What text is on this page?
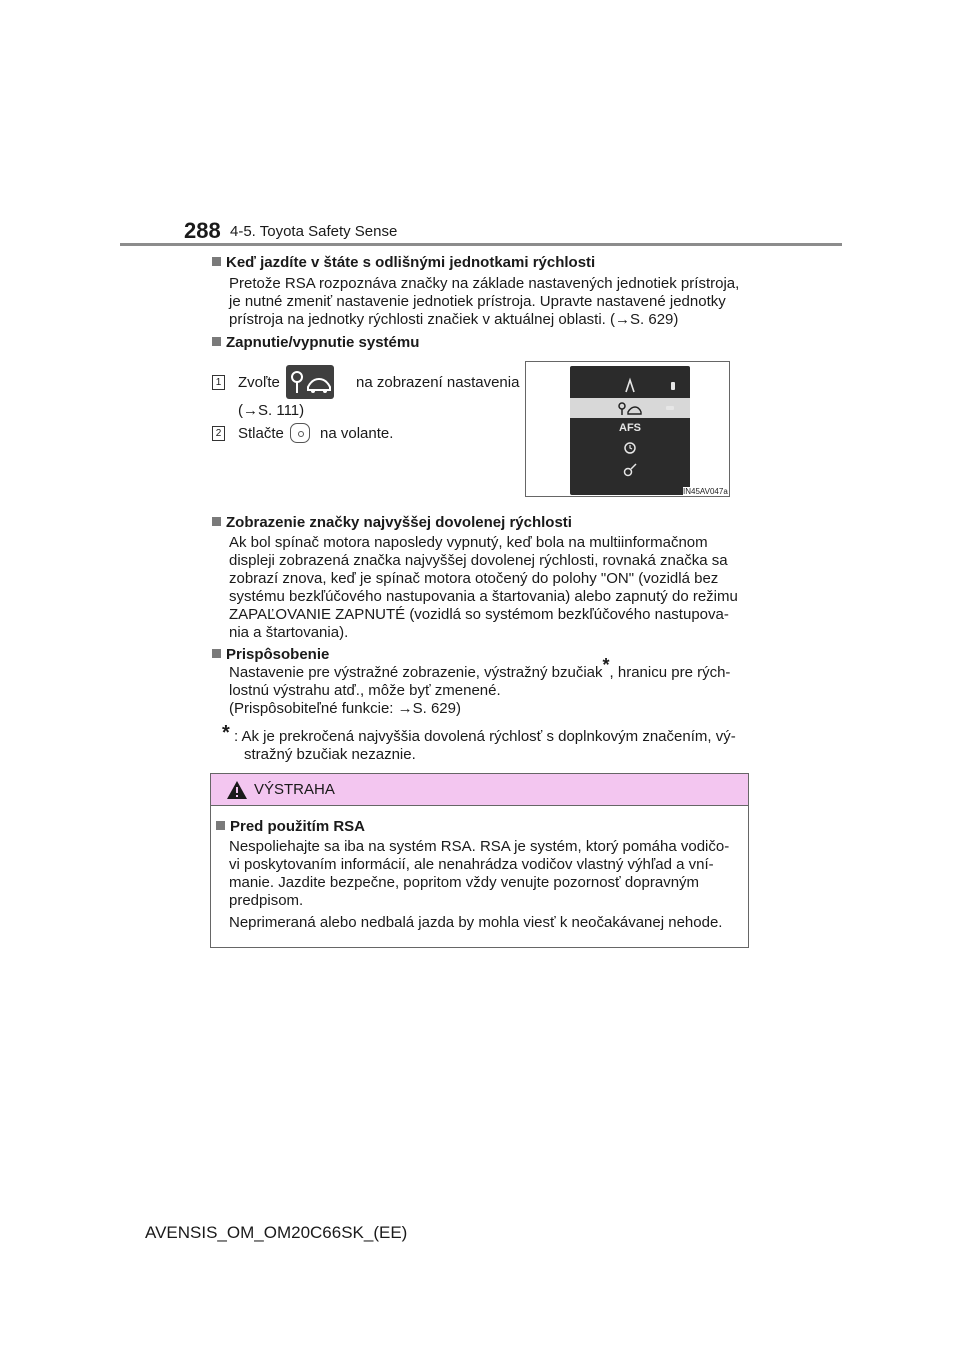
288 4-5. Toyota Safety Sense
Keď jazdíte v štáte s odlišnými jednotkami rýchlosti
Pretože RSA rozpoznáva značky na základe nastavených jednotiek prístroja,
je nutné zmeniť nastavenie jednotiek prístroja. Upravte nastavené jednotky
prístroja na jednotky rýchlosti značiek v aktuálnej oblasti. (→S. 629)
Zapnutie/vypnutie systému
1 Zvoľte	na zobrazení nastavenia
(→S. 111)
2 Stlačte na volante.	AFS
IN45AV047a
Zobrazenie značky najvyššej dovolenej rýchlosti
Ak bol spínač motora naposledy vypnutý, keď bola na multiinformačnom
displeji zobrazená značka najvyššej dovolenej rýchlosti, rovnaká značka sa
zobrazí znova, keď je spínač motora otočený do polohy "ON" (vozidlá bez
systému bezkľúčového nastupovania a štartovania) alebo zapnutý do režimu
ZAPAĽOVANIE ZAPNUTÉ (vozidlá so systémom bezkľúčového nastupova-
nia a štartovania).
Prispôsobenie
Nastavenie pre výstražné zobrazenie, výstražný bzučiak*, hranicu pre rých-
lostnú výstrahu atď., môže byť zmenené.
(Prispôsobiteľné funkcie: →S. 629)
* : Ak je prekročená najvyššia dovolená rýchlosť s doplnkovým značením, vý-
stražný bzučiak nezaznie.
VÝSTRAHA
Pred použitím RSA
Nespoliehajte sa iba na systém RSA. RSA je systém, ktorý pomáha vodičo-
vi poskytovaním informácií, ale nenahrádza vodičov vlastný výhľad a vní-
manie. Jazdite bezpečne, popritom vždy venujte pozornosť dopravným
predpisom.
Neprimeraná alebo nedbalá jazda by mohla viesť k neočakávanej nehode.
AVENSIS_OM_OM20C66SK_(EE)
